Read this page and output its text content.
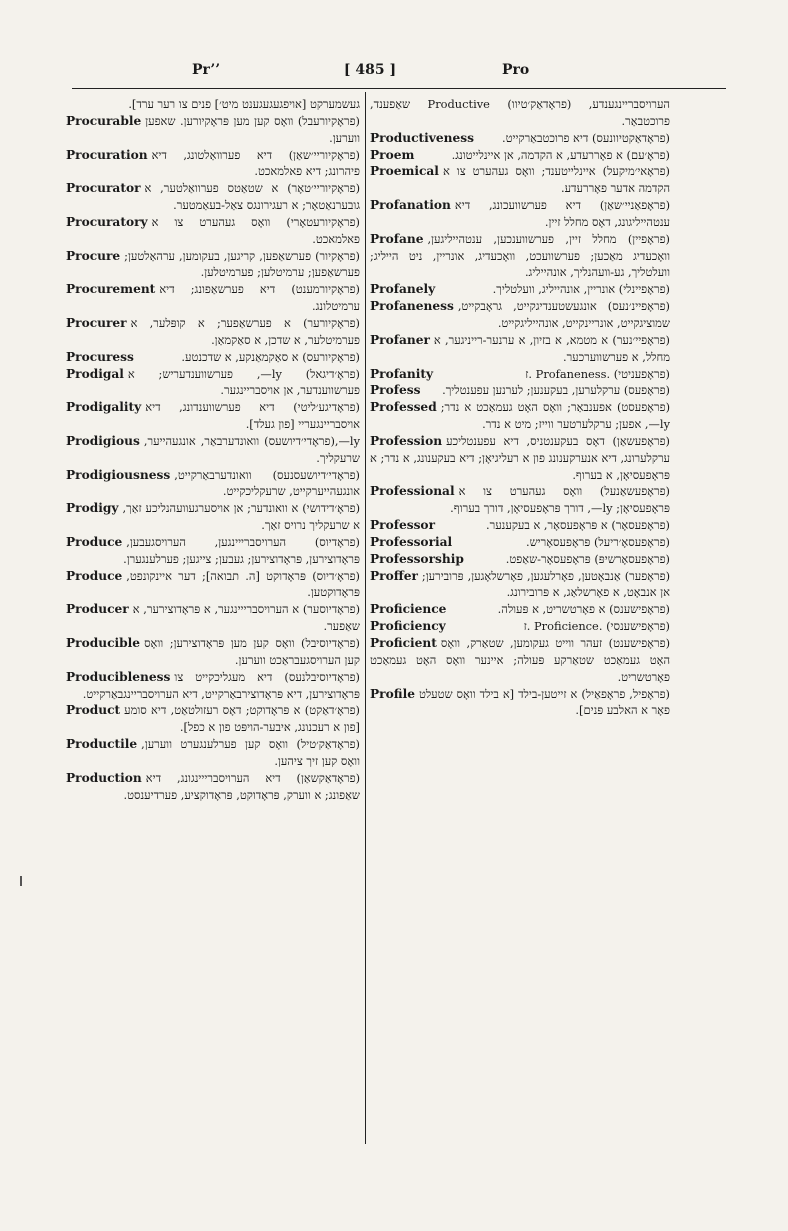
Pr’’	[ 485 ]	Pro

געשמערקט [אויפגעגעגענט מיט׳] פנים צו רער ערד].

Procurable	(פראָקיורעבל) וואָס קען מען פּראָקיורען. שאפען ווערען.

Procuration	(פראָקיוריי׳שאַן) דיא פערוואַלטונג, דיא פיהרונג; דיא פאלמאכט.

Procurator	(פראָקיוריי׳טאָר) א שטאַטס פערוואַלטער, א גובערנאַטאָר; א רעגירונגס צאַל-בעאַמטער.

Procuratory	(פראָקיורעטאָרי) וואָס געהערט צו א פאלמאכט.

Procure	(פראָקיור) פערשאַפען, קריגען, בעקומען, ערהאַלטען; פערשאַפען; ערמיטלען; פערמיטלען.

Procurement	(פראָקיורמענט) דיא פערשאַפונג; דיא ערמיטלונג.

Procurer	(פראָקיורער) א פערשאַפער; א קופּלער, א פערמיטלער, א שדכן, א סאַקמאַן.

Procuress	(פראָקיורעס) א סאַקמאַנקע, א שדכנטע.

Prodigal	(פראָ׳דיגאל) ly—, פערשווענדעריש; א פערשווענדער, אן אויסבריינגער.

Prodigality	(פראָדיגע׳ליטי) דיא פערשווענדונג, דיא אויסבריינגעריי [פון געלד].

Prodigious	ly—,(פראָדי׳דיושעס) וואונדערבאַר, אונגעהייער, שרעקליך.

Prodigiousness	(פראָדי׳דיושעסנעס) וואונדערבאַרקייט, אונגעהייערקייט, שרעקליכקייט.

Prodigy	(פראָ׳דידושי) א וואונדער; אן אויסערגעוועהנליכע זאַך, א שרעקליך נרויס זאַך.

Produce	(פראָדיוס) הערויסברייינגען, הערויסגעבען, פּראָדוצירען, פּראָדוצירען; געבען; צייגען; פערלענגערן.

Produce	(פראָ׳דיוס) פּראָדוקט [ה. תבואה]; דער איינקונפט, פּראָדוקטען.

Producer	(פראָדיוסער) א הערויסברייינגער, א פּראָדוצירער, א שאַפער.

Producible	(פראָדיוסיבל) וואָס קען מען פּראָדוצירען; וואָס קען הערויסגעבראַכט ווערען.

Producibleness	(פראָדיוסיבלנעס) דיא מעגליכקייט צו פּראָדוצירען, דיא פּראָדוצירבאַרקייט, דיא הערויסבריינגבאַרקייט.

Product	(פראָ׳דאַקט) א פּראָדוקט; דאָס רעזולטאַט, דיא סומע [פון א רעכנונג, איבער-הויפּט פון א כפל].

Productile	(פראָדאַק׳טיל) וואָס קען פערלענגערט ווערען, וואָס קען זיך ציהען.

Production	(פראָדאַקשאַן) דיא הערויסברייינגונג, דיא שאַפונג; א ווערק, פּראָדוקט, פּראָדוקציע, פערדיענסט.

הערויסבריינגענדע, (פראָדאַק׳טיוו) Productive שאַפענד, פרוכטבאַר.

Productiveness	(פראָדאַקטיוונעס) דיא פרוכטבאַרקייט.

Proem	(פראָ׳עם) א פאָררעדע, א הקדמה, אן איינלייטונג.

Proemical	(פראָאי׳מיקעל) איינלייטענד; וואָס געהערט צו א הקדמה אדער פאָררעדע.

Profanation	(פראָפאַניי׳שאַן) דיא פערשוועכונג, דיא ענטהייליגונג, דאָס מחלל זיין.

Profane	(פראָפיין) מחלל זיין, פערשווענכען, ענטהייליגען, וואָכעדיג מאַכען; פערשוועכט, וואָכעדיג, אונריין, ניט הייליג; וועלטליך, גע-וועהנליך, אונהייליג.

Profanely	(פראָפיינלי) אונריין, אונהייליג, וועלטליך.

Profaneness	(פראָפיינ׳נעס) אונגעשטענדיגקייט, גראָבקייט, שמוציגקייט, אונריינקייט, אונהייליגקייט.

Profaner	(פראָפיי׳נער) א מטמא, א בזיון, א ערנער-רייניגער, א מחלל, א פערשווערכער.

Profanity	(פראָפעניטי) .Profaneness .ז

Profess	(פראָפעס) ערקלערען, בעקענען; לערנען עפענטליך.

Professed	(פראָפעסט) אפענבאַר; וואָס האָט געמאַכט א נדר; ly—, אפען; ערקלערטער ווייז; מיט א נדר.

Profession	(פראָפעשאַן) דאָס בעקענטניס, דיא עפענטליכע ערקלערונג, דיא אנערקענונג פון א רעליגיאָן; דיא בעקענונג, א נדר; א פּראָפעסיאָן, א בערוף.

Professional	(פראָפעשאַנעל) וואָס געהערט צו א פּראָפעסיאָן; ly—, דורך פּראָפעסיאָן, דורך בערוף.

Professor	(פראָפעסאָר) א פּראָפעסאָר, א בעקענער.

Professorial	(פראָפעסאָ׳ריעל) פּראָפעסאָריש.

Professorship	(פראָפעסאָרשיפּ) פּראָפעסאָר-שאַפט.

Proffer	(פראָפער) אַנבאָטען, פאָרלעגען, פאָרשלאָגען, פּרובירען; אן אנבאָט, א פאָרשלאַג, א פּרובירונג.

Proficience	(פראָפישענס) א פאָרטשריט, א פּעולה.

Proficiency	(פראָפישענסי) .Proficience .ז

Proficient	(פראָפישענט) זעהר ווייט געקומען, שטאַרק, וואָס האָט געמאַכט שטאַרקע פּעולה; איינער וואָס האָט געמאַכט פאָרטשריט.

Profile	(פראָפיל, פראָפאַיל) א זייטען-בילד [א בילד וואָס שטעלט פאָר א האלבע פּנים].
